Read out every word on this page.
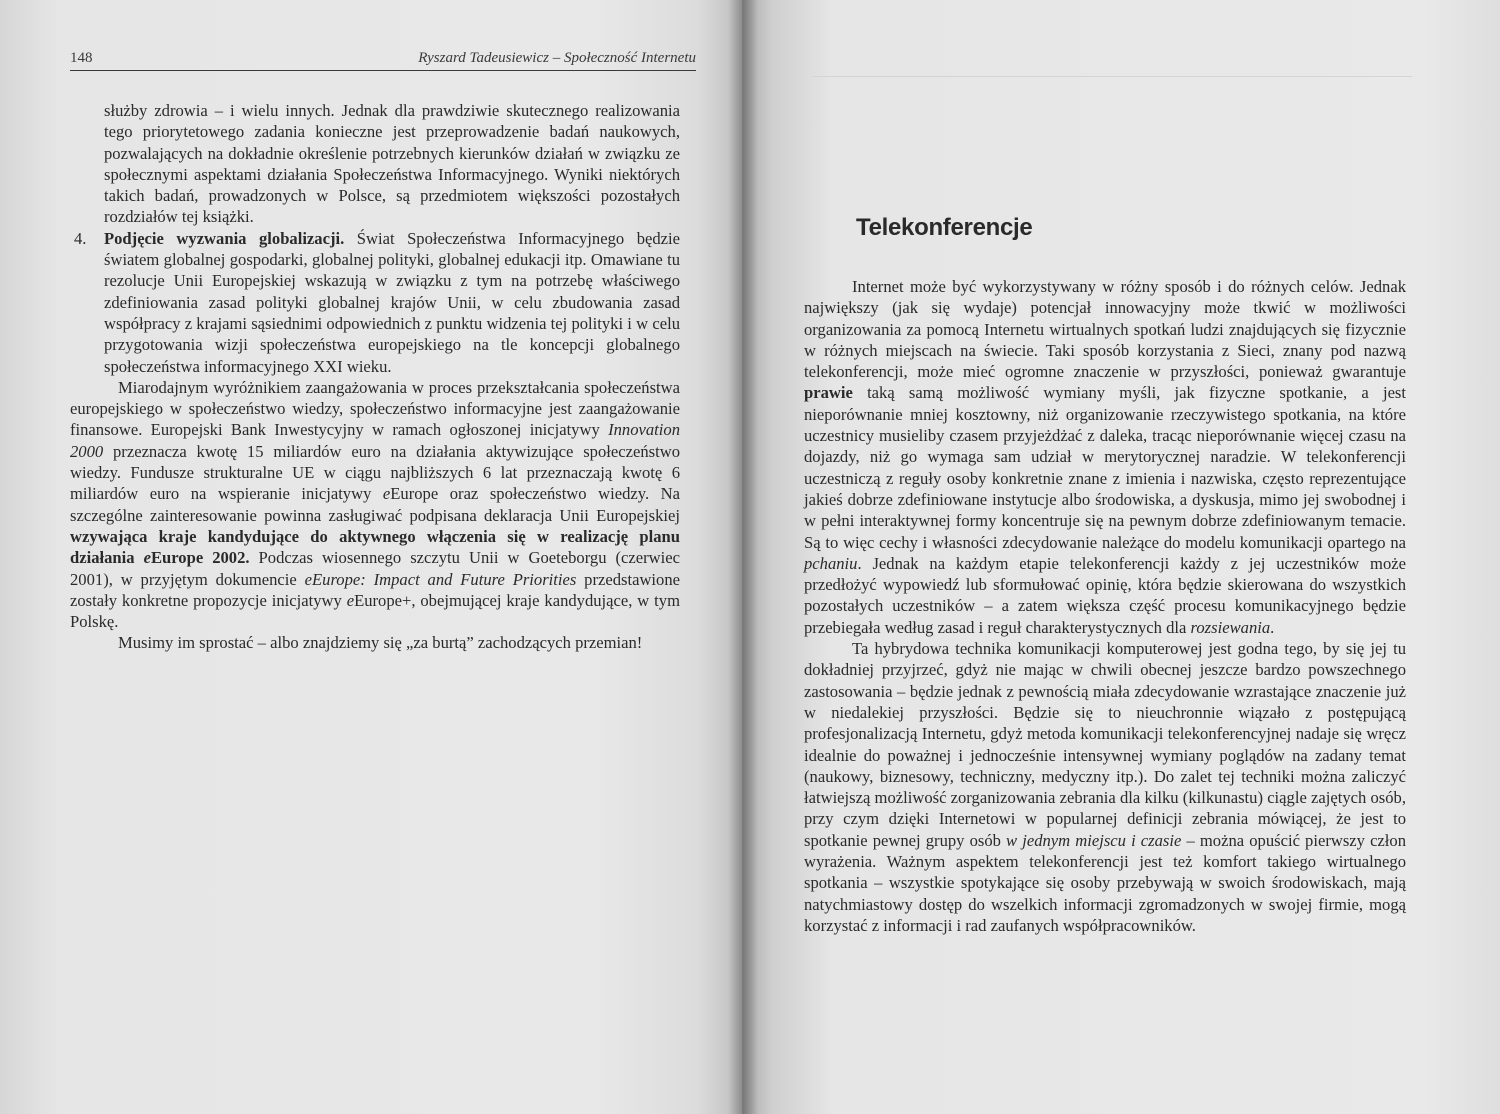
148	Ryszard Tadeusiewicz – Społeczność Internetu

służby zdrowia – i wielu innych. Jednak dla prawdziwie skutecznego realizowania tego priorytetowego zadania konieczne jest przeprowadzenie badań naukowych, pozwalających na dokładnie określenie potrzebnych kierunków działań w związku ze społecznymi aspektami działania Społeczeństwa Informacyjnego. Wyniki niektórych takich badań, prowadzonych w Polsce, są przedmiotem większości pozostałych rozdziałów tej książki.

4. Podjęcie wyzwania globalizacji. Świat Społeczeństwa Informacyjnego będzie światem globalnej gospodarki, globalnej polityki, globalnej edukacji itp. Omawiane tu rezolucje Unii Europejskiej wskazują w związku z tym na potrzebę właściwego zdefiniowania zasad polityki globalnej krajów Unii, w celu zbudowania zasad współpracy z krajami sąsiednimi odpowiednich z punktu widzenia tej polityki i w celu przygotowania wizji społeczeństwa europejskiego na tle koncepcji globalnego społeczeństwa informacyjnego XXI wieku.

Miarodajnym wyróżnikiem zaangażowania w proces przekształcania społeczeństwa europejskiego w społeczeństwo wiedzy, społeczeństwo informacyjne jest zaangażowanie finansowe. Europejski Bank Inwestycyjny w ramach ogłoszonej inicjatywy Innovation 2000 przeznacza kwotę 15 miliardów euro na działania aktywizujące społeczeństwo wiedzy. Fundusze strukturalne UE w ciągu najbliższych 6 lat przeznaczają kwotę 6 miliardów euro na wspieranie inicjatywy eEurope oraz społeczeństwo wiedzy. Na szczególne zainteresowanie powinna zasługiwać podpisana deklaracja Unii Europejskiej wzywająca kraje kandydujące do aktywnego włączenia się w realizację planu działania eEurope 2002. Podczas wiosennego szczytu Unii w Goeteborgu (czerwiec 2001), w przyjętym dokumencie eEurope: Impact and Future Priorities przedstawione zostały konkretne propozycje inicjatywy eEurope+, obejmującej kraje kandydujące, w tym Polskę.

Musimy im sprostać – albo znajdziemy się „za burtą” zachodzących przemian!

Telekonferencje

Internet może być wykorzystywany w różny sposób i do różnych celów. Jednak największy (jak się wydaje) potencjał innowacyjny może tkwić w możliwości organizowania za pomocą Internetu wirtualnych spotkań ludzi znajdujących się fizycznie w różnych miejscach na świecie. Taki sposób korzystania z Sieci, znany pod nazwą telekonferencji, może mieć ogromne znaczenie w przyszłości, ponieważ gwarantuje prawie taką samą możliwość wymiany myśli, jak fizyczne spotkanie, a jest nieporównanie mniej kosztowny, niż organizowanie rzeczywistego spotkania, na które uczestnicy musieliby czasem przyjeżdżać z daleka, tracąc nieporównanie więcej czasu na dojazdy, niż go wymaga sam udział w merytorycznej naradzie. W telekonferencji uczestniczą z reguły osoby konkretnie znane z imienia i nazwiska, często reprezentujące jakieś dobrze zdefiniowane instytucje albo środowiska, a dyskusja, mimo jej swobodnej i w pełni interaktywnej formy koncentruje się na pewnym dobrze zdefiniowanym temacie. Są to więc cechy i własności zdecydowanie należące do modelu komunikacji opartego na pchaniu. Jednak na każdym etapie telekonferencji każdy z jej uczestników może przedłożyć wypowiedź lub sformułować opinię, która będzie skierowana do wszystkich pozostałych uczestników – a zatem większa część procesu komunikacyjnego będzie przebiegała według zasad i reguł charakterystycznych dla rozsiewania.

Ta hybrydowa technika komunikacji komputerowej jest godna tego, by się jej tu dokładniej przyjrzeć, gdyż nie mając w chwili obecnej jeszcze bardzo powszechnego zastosowania – będzie jednak z pewnością miała zdecydowanie wzrastające znaczenie już w niedalekiej przyszłości. Będzie się to nieuchronnie wiązało z postępującą profesjonalizacją Internetu, gdyż metoda komunikacji telekonferencyjnej nadaje się wręcz idealnie do poważnej i jednocześnie intensywnej wymiany poglądów na zadany temat (naukowy, biznesowy, techniczny, medyczny itp.). Do zalet tej techniki można zaliczyć łatwiejszą możliwość zorganizowania zebrania dla kilku (kilkunastu) ciągle zajętych osób, przy czym dzięki Internetowi w popularnej definicji zebrania mówiącej, że jest to spotkanie pewnej grupy osób w jednym miejscu i czasie – można opuścić pierwszy człon wyrażenia. Ważnym aspektem telekonferencji jest też komfort takiego wirtualnego spotkania – wszystkie spotykające się osoby przebywają w swoich środowiskach, mają natychmiastowy dostęp do wszelkich informacji zgromadzonych w swojej firmie, mogą korzystać z informacji i rad zaufanych współpracowników.
